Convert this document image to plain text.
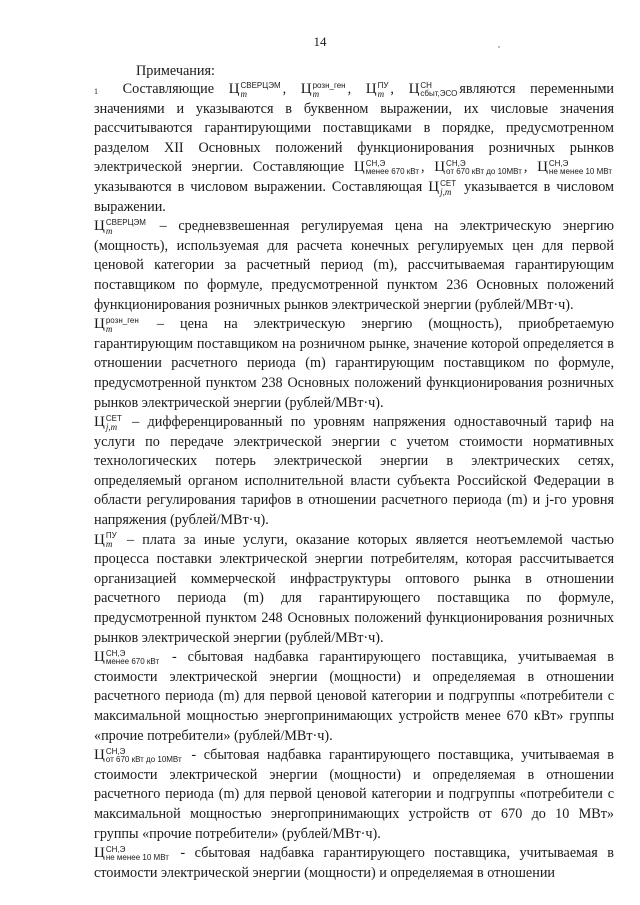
14
Примечания:

$^1$ Составляющие Ц СВЕРЦЭМ
m	, Ц розн_ген
m	, Ц ПУ
m , Ц СН
сбыт,ЭСО являются переменными значениями и указываются в буквенном выражении, их числовые значения рассчитываются гарантирующими поставщиками в порядке, предусмотренном разделом XII Основных положений функционирования розничных рынков электрической энергии. Составляющие Ц СН,Э
менее 670 кВт , Ц СН,Э
от 670 кВт до 10МВт , Ц СН,Э
не менее 10 МВт
указываются в числовом выражении. Составляющая Ц СЕТ
j,m указывается в числовом выражении.

Ц СВЕРЦЭМ
m	– средневзвешенная регулируемая цена на электрическую энергию (мощность), используемая для расчета конечных регулируемых цен для первой ценовой категории за расчетный период (m), рассчитываемая гарантирующим поставщиком по формуле, предусмотренной пунктом 236 Основных положений функционирования розничных рынков электрической энергии (рублей/МВт·ч).

Ц розн_ген
m	– цена на электрическую энергию (мощность), приобретаемую гарантирующим поставщиком на розничном рынке, значение которой определяется в отношении расчетного периода (m) гарантирующим поставщиком по формуле, предусмотренной пунктом 238 Основных положений функционирования розничных рынков электрической энергии (рублей/МВт·ч).

Ц СЕТ
j,m	– дифференцированный по уровням напряжения одноставочный тариф на услуги по передаче электрической энергии с учетом стоимости нормативных технологических потерь электрической энергии в электрических сетях, определяемый органом исполнительной власти субъекта Российской Федерации в области регулирования тарифов в отношении расчетного периода (m) и j-го уровня напряжения (рублей/МВт·ч).

Ц ПУ
m	– плата за иные услуги, оказание которых является неотъемлемой частью процесса поставки электрической энергии потребителям, которая рассчитывается организацией коммерческой инфраструктуры оптового рынка в отношении расчетного периода (m) для гарантирующего поставщика по формуле, предусмотренной пунктом 248 Основных положений функционирования розничных рынков электрической энергии (рублей/МВт·ч).

Ц СН,Э
менее 670 кВт - сбытовая надбавка гарантирующего поставщика, учитываемая в стоимости электрической энергии (мощности) и определяемая в отношении расчетного периода (m) для первой ценовой категории и подгруппы «потребители с максимальной мощностью энергопринимающих устройств менее 670 кВт» группы «прочие потребители» (рублей/МВт·ч).

Ц СН,Э
от 670 кВт до 10МВт - сбытовая надбавка гарантирующего поставщика, учитываемая в стоимости электрической энергии (мощности) и определяемая в отношении расчетного периода (m) для первой ценовой категории и подгруппы «потребители с максимальной мощностью энергопринимающих устройств от 670 до 10 МВт» группы «прочие потребители» (рублей/МВт·ч).

Ц СН,Э
не менее 10 МВт - сбытовая надбавка гарантирующего поставщика, учитываемая в стоимости электрической энергии (мощности) и определяемая в отношении
